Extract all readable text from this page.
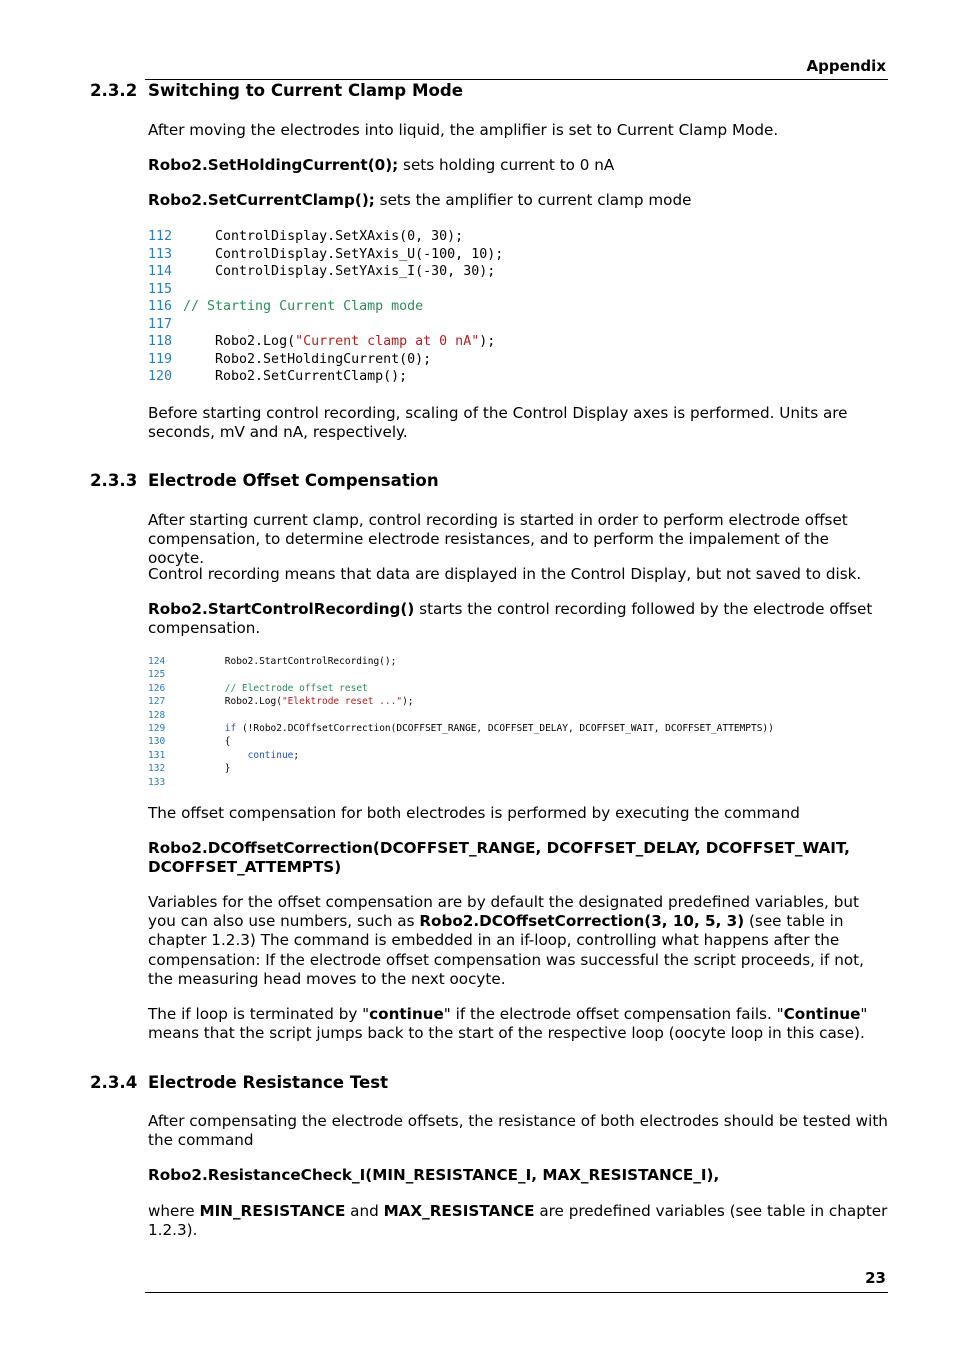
Appendix
2.3.2 Switching to Current Clamp Mode
After moving the electrodes into liquid, the amplifier is set to Current Clamp Mode.
Robo2.SetHoldingCurrent(0); sets holding current to 0 nA
Robo2.SetCurrentClamp(); sets the amplifier to current clamp mode
112 ControlDisplay.SetXAxis(0, 30);
113 ControlDisplay.SetYAxis_U(-100, 10);
114 ControlDisplay.SetYAxis_I(-30, 30);
115
116 // Starting Current Clamp mode
117
118 Robo2.Log( "Current clamp at 0 nA" );
119 Robo2.SetHoldingCurrent(0);
120 Robo2.SetCurrentClamp();
Before starting control recording, scaling of the Control Display axes is performed. Units are seconds, mV and nA, respectively.
2.3.3 Electrode Offset Compensation
After starting current clamp, control recording is started in order to perform electrode offset compensation, to determine electrode resistances, and to perform the impalement of the oocyte.
Control recording means that data are displayed in the Control Display, but not saved to disk.
Robo2.StartControlRecording() starts the control recording followed by the electrode offset compensation.
124	Robo2.StartControlRecording();
125
126
	// Electrode offset reset
127	Robo2.Log( "Elektrode reset ..." );
128
129
	if (!Robo2.DCOffsetCorrection(DCOFFSET_RANGE, DCOFFSET_DELAY, DCOFFSET_WAIT, DCOFFSET_ATTEMPTS))
130	{
131
	continue ;
132	}
133
The offset compensation for both electrodes is performed by executing the command
Robo2.DCOffsetCorrection(DCOFFSET_RANGE, DCOFFSET_DELAY, DCOFFSET_WAIT, DCOFFSET_ATTEMPTS)
Variables for the offset compensation are by default the designated predefined variables, but you can also use numbers, such as Robo2.DCOffsetCorrection(3, 10, 5, 3) (see table in chapter 1.2.3) The command is embedded in an if-loop, controlling what happens after the compensation: If the electrode offset compensation was successful the script proceeds, if not, the measuring head moves to the next oocyte.
The if loop is terminated by "continue" if the electrode offset compensation fails. "Continue" means that the script jumps back to the start of the respective loop (oocyte loop in this case).
2.3.4 Electrode Resistance Test
After compensating the electrode offsets, the resistance of both electrodes should be tested with the command
Robo2.ResistanceCheck_I(MIN_RESISTANCE_I, MAX_RESISTANCE_I),
where MIN_RESISTANCE and MAX_RESISTANCE are predefined variables (see table in chapter 1.2.3).
23
